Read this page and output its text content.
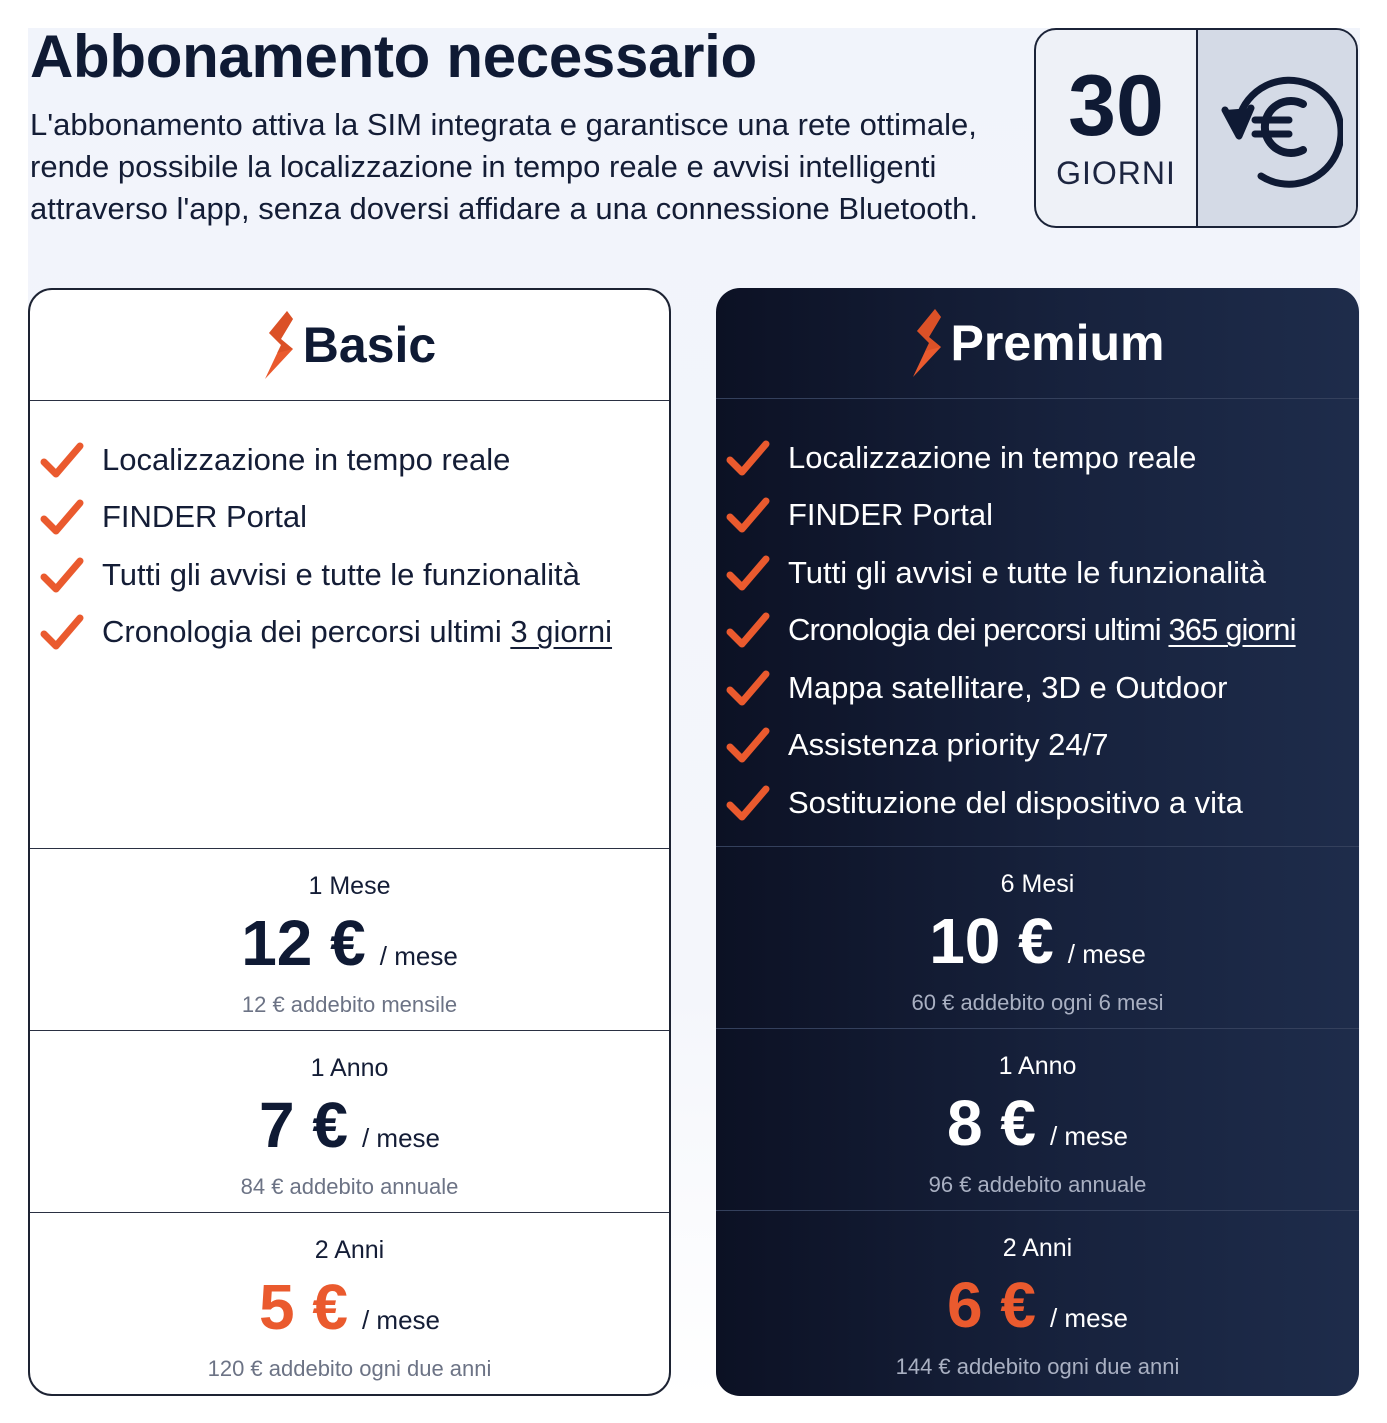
Abbonamento necessario

L'abbonamento attiva la SIM integrata e garantisce una rete ottimale, rende possibile la localizzazione in tempo reale e avvisi intelligenti attraverso l'app, senza doversi affidare a una connessione Bluetooth.

30
GIORNI
Basic
Localizzazione in tempo reale
FINDER Portal
Tutti gli avvisi e tutte le funzionalità
Cronologia dei percorsi ultimi 3 giorni
1 Mese
12 € / mese
12 € addebito mensile
1 Anno
7 € / mese
84 € addebito annuale
2 Anni
5 € / mese
120 € addebito ogni due anni
Premium
Localizzazione in tempo reale
FINDER Portal
Tutti gli avvisi e tutte le funzionalità
Cronologia dei percorsi ultimi 365 giorni
Mappa satellitare, 3D e Outdoor
Assistenza priority 24/7
Sostituzione del dispositivo a vita
6 Mesi
10 € / mese
60 € addebito ogni 6 mesi
1 Anno
8 € / mese
96 € addebito annuale
2 Anni
6 € / mese
144 € addebito ogni due anni
